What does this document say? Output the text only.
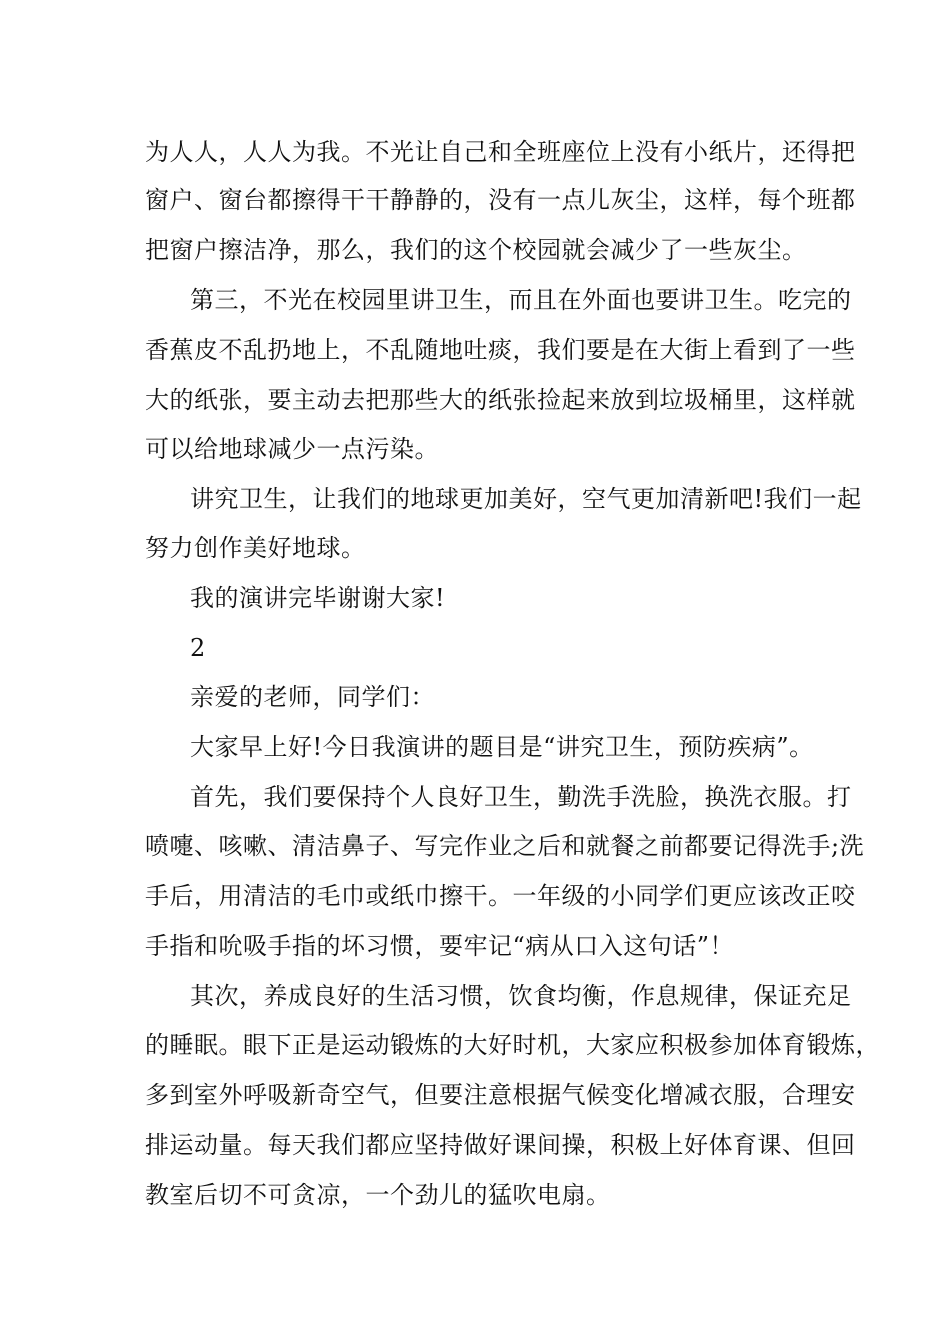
为人人，人人为我。不光让自己和全班座位上没有小纸片，还得把
窗户、窗台都擦得干干静静的，没有一点儿灰尘，这样，每个班都
把窗户擦洁净，那么，我们的这个校园就会减少了一些灰尘。
第三，不光在校园里讲卫生，而且在外面也要讲卫生。吃完的
香蕉皮不乱扔地上，不乱随地吐痰，我们要是在大街上看到了一些
大的纸张，要主动去把那些大的纸张捡起来放到垃圾桶里，这样就
可以给地球减少一点污染。
讲究卫生，让我们的地球更加美好，空气更加清新吧!我们一起
努力创作美好地球。
我的演讲完毕谢谢大家!
2
亲爱的老师，同学们：
大家早上好!今日我演讲的题目是“讲究卫生，预防疾病”。
首先，我们要保持个人良好卫生，勤洗手洗脸，换洗衣服。打
喷嚏、咳嗽、清洁鼻子、写完作业之后和就餐之前都要记得洗手;洗
手后，用清洁的毛巾或纸巾擦干。一年级的小同学们更应该改正咬
手指和吮吸手指的坏习惯，要牢记“病从口入这句话”！
其次，养成良好的生活习惯，饮食均衡，作息规律，保证充足
的睡眠。眼下正是运动锻炼的大好时机，大家应积极参加体育锻炼，
多到室外呼吸新奇空气，但要注意根据气候变化增减衣服，合理安
排运动量。每天我们都应坚持做好课间操，积极上好体育课、但回
教室后切不可贪凉，一个劲儿的猛吹电扇。
